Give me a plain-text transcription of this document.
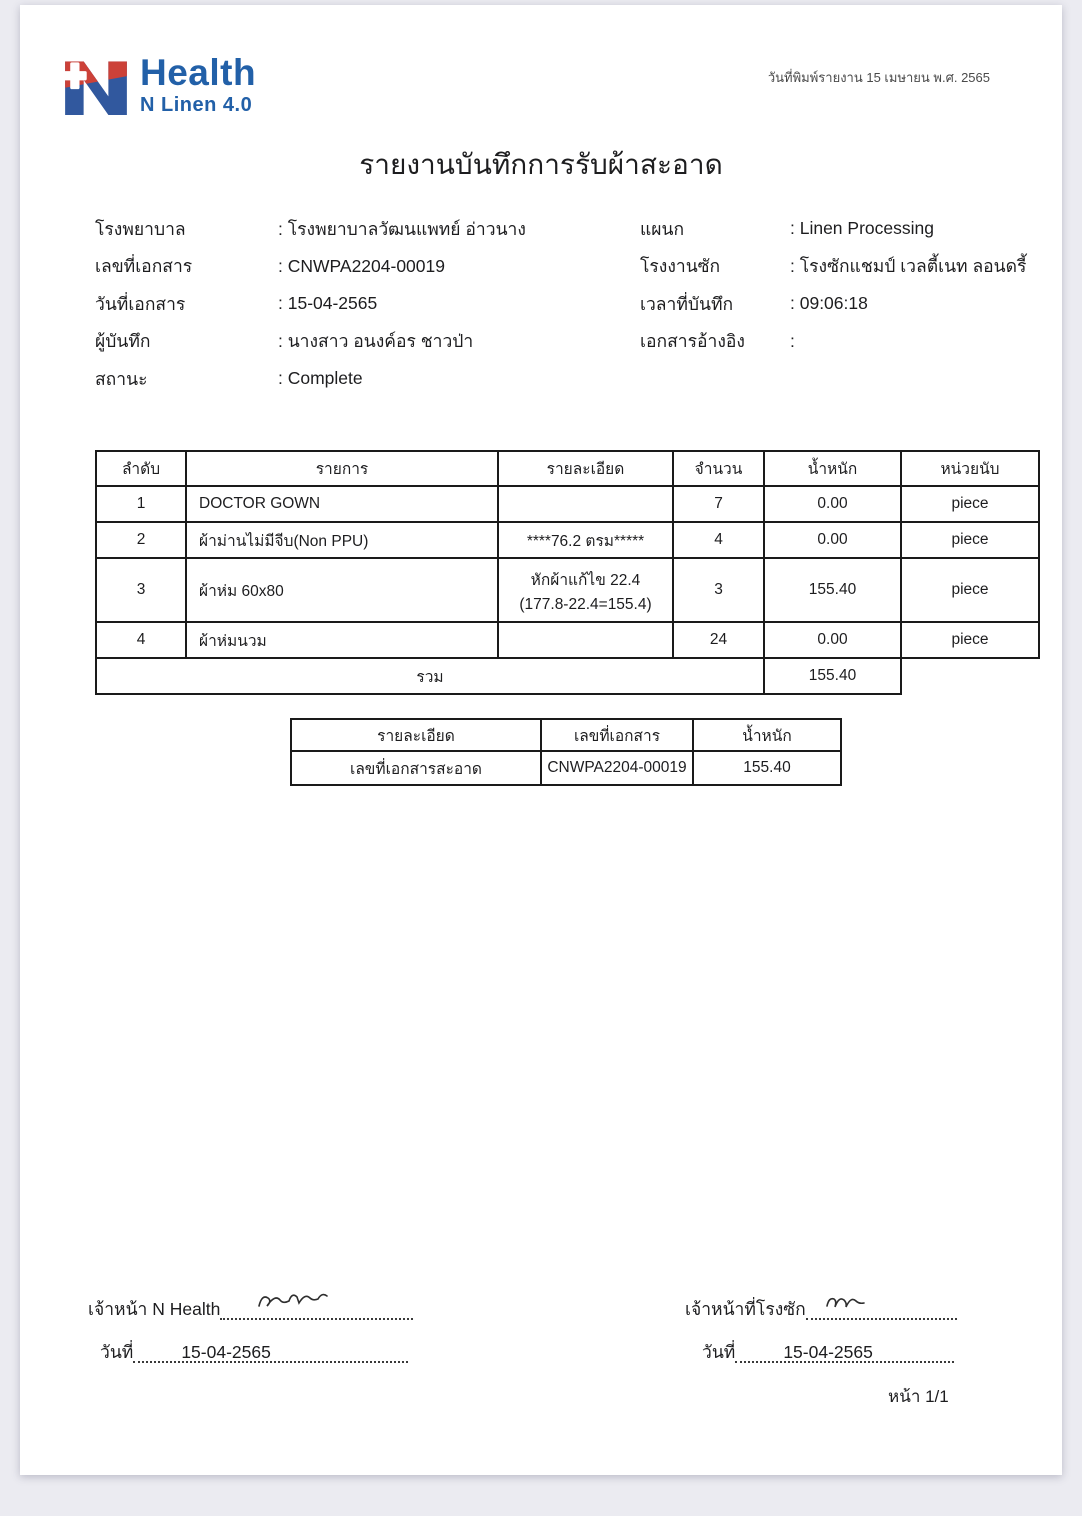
Health
N Linen 4.0
วันที่พิมพ์รายงาน 15 เมษายน พ.ศ. 2565
รายงานบันทึกการรับผ้าสะอาด
โรงพยาบาล	: โรงพยาบาลวัฒนแพทย์ อ่าวนาง
เลขที่เอกสาร	: CNWPA2204-00019
วันที่เอกสาร	: 15-04-2565
ผู้บันทึก	: นางสาว อนงค์อร ชาวป่า
สถานะ	: Complete
แผนก	: Linen Processing
โรงงานซัก	: โรงซักแชมป์ เวลตี้เนท ลอนดรี้
เวลาที่บันทึก	: 09:06:18
เอกสารอ้างอิง	:
ลำดับ	รายการ	รายละเอียด	จำนวน	น้ำหนัก	หน่วยนับ
1	DOCTOR GOWN		7	0.00	piece
2	ผ้าม่านไม่มีจีบ(Non PPU)	****76.2 ตรม*****	4	0.00	piece
3	ผ้าห่ม 60x80	หักผ้าแก้ไข 22.4
(177.8-22.4=155.4)	3	155.40	piece
4	ผ้าห่มนวม		24	0.00	piece
รวม				155.40	
รายละเอียด	เลขที่เอกสาร	น้ำหนัก
เลขที่เอกสารสะอาด	CNWPA2204-00019	155.40
เจ้าหน้า N Health
วันที่	15-04-2565
เจ้าหน้าที่โรงซัก
วันที่	15-04-2565
หน้า 1/1
